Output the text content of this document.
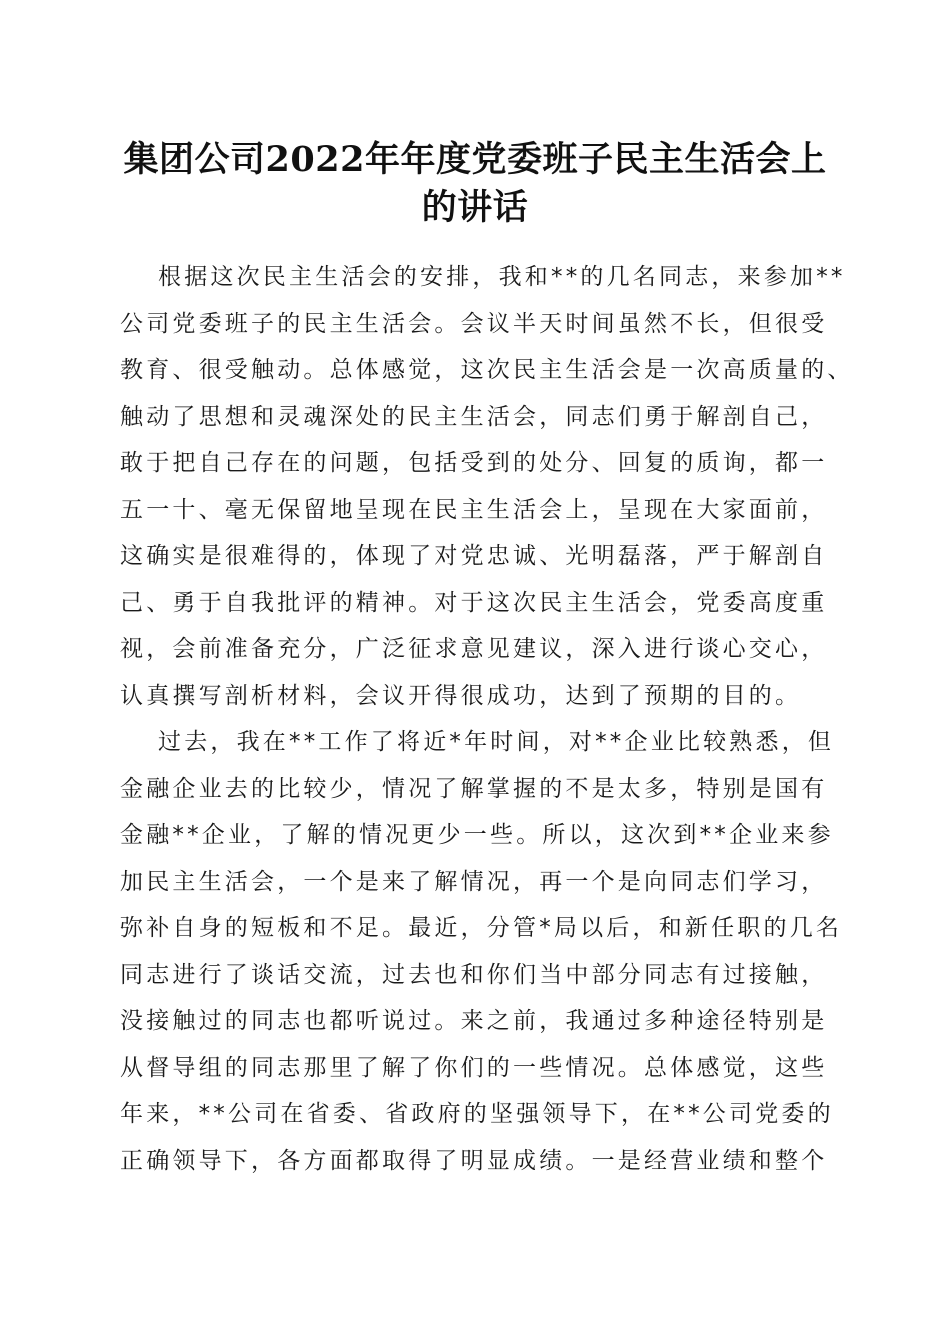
集团公司2022年年度党委班子民主生活会上
的讲话
根据这次民主生活会的安排，我和**的几名同志，来参加**
公司党委班子的民主生活会。会议半天时间虽然不长，但很受
教育、很受触动。总体感觉，这次民主生活会是一次高质量的、
触动了思想和灵魂深处的民主生活会，同志们勇于解剖自己，
敢于把自己存在的问题，包括受到的处分、回复的质询，都一
五一十、毫无保留地呈现在民主生活会上，呈现在大家面前，
这确实是很难得的，体现了对党忠诚、光明磊落，严于解剖自
己、勇于自我批评的精神。对于这次民主生活会，党委高度重
视，会前准备充分，广泛征求意见建议，深入进行谈心交心，
认真撰写剖析材料，会议开得很成功，达到了预期的目的。
过去，我在**工作了将近*年时间，对**企业比较熟悉，但
金融企业去的比较少，情况了解掌握的不是太多，特别是国有
金融**企业，了解的情况更少一些。所以，这次到**企业来参
加民主生活会，一个是来了解情况，再一个是向同志们学习，
弥补自身的短板和不足。最近，分管*局以后，和新任职的几名
同志进行了谈话交流，过去也和你们当中部分同志有过接触，
没接触过的同志也都听说过。来之前，我通过多种途径特别是
从督导组的同志那里了解了你们的一些情况。总体感觉，这些
年来，**公司在省委、省政府的坚强领导下，在**公司党委的
正确领导下，各方面都取得了明显成绩。一是经营业绩和整个
